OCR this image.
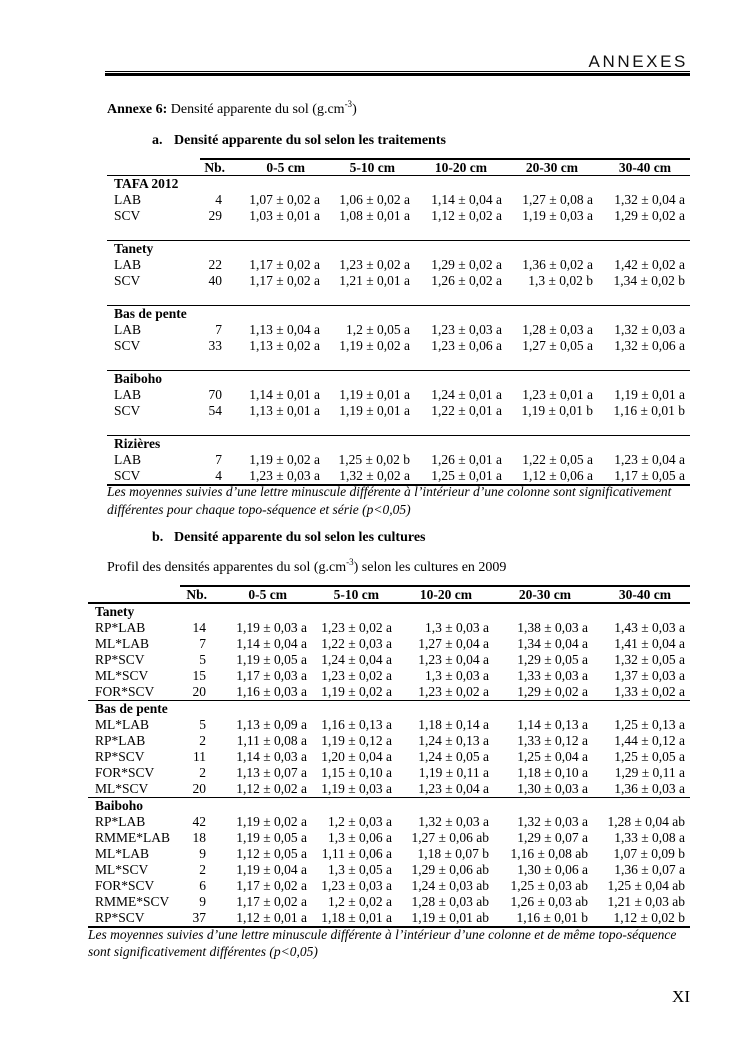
ANNEXES
Annexe 6: Densité apparente du sol $(g.cm^{-3})$
a. Densité apparente du sol selon les traitements
	Nb.	0-5 cm	5-10 cm	10-20 cm	20-30 cm	30-40 cm
TAFA 2012						
LAB	4	1,07 ± 0,02 a	1,06 ± 0,02 a	1,14 ± 0,04 a	1,27 ± 0,08 a	1,32 ± 0,04 a
SCV	29	1,03 ± 0,01 a	1,08 ± 0,01 a	1,12 ± 0,02 a	1,19 ± 0,03 a	1,29 ± 0,02 a

Tanety						
LAB	22	1,17 ± 0,02 a	1,23 ± 0,02 a	1,29 ± 0,02 a	1,36 ± 0,02 a	1,42 ± 0,02 a
SCV	40	1,17 ± 0,02 a	1,21 ± 0,01 a	1,26 ± 0,02 a	1,3 ± 0,02 b	1,34 ± 0,02 b

Bas de pente						
LAB	7	1,13 ± 0,04 a	1,2 ± 0,05 a	1,23 ± 0,03 a	1,28 ± 0,03 a	1,32 ± 0,03 a
SCV	33	1,13 ± 0,02 a	1,19 ± 0,02 a	1,23 ± 0,06 a	1,27 ± 0,05 a	1,32 ± 0,06 a

Baiboho						
LAB	70	1,14 ± 0,01 a	1,19 ± 0,01 a	1,24 ± 0,01 a	1,23 ± 0,01 a	1,19 ± 0,01 a
SCV	54	1,13 ± 0,01 a	1,19 ± 0,01 a	1,22 ± 0,01 a	1,19 ± 0,01 b	1,16 ± 0,01 b

Rizières						
LAB	7	1,19 ± 0,02 a	1,25 ± 0,02 b	1,26 ± 0,01 a	1,22 ± 0,05 a	1,23 ± 0,04 a
SCV	4	1,23 ± 0,03 a	1,32 ± 0,02 a	1,25 ± 0,01 a	1,12 ± 0,06 a	1,17 ± 0,05 a
Les moyennes suivies d’une lettre minuscule différente à l’intérieur d’une colonne sont significativement différentes pour chaque topo-séquence et série (p<0,05)
b. Densité apparente du sol selon les cultures
Profil des densités apparentes du sol $(g.cm^{-3})$ selon les cultures en 2009
	Nb.	0-5 cm	5-10 cm	10-20 cm	20-30 cm	30-40 cm
Tanety						
RP*LAB	14	1,19 ± 0,03 a	1,23 ± 0,02 a	1,3 ± 0,03 a	1,38 ± 0,03 a	1,43 ± 0,03 a
ML*LAB	7	1,14 ± 0,04 a	1,22 ± 0,03 a	1,27 ± 0,04 a	1,34 ± 0,04 a	1,41 ± 0,04 a
RP*SCV	5	1,19 ± 0,05 a	1,24 ± 0,04 a	1,23 ± 0,04 a	1,29 ± 0,05 a	1,32 ± 0,05 a
ML*SCV	15	1,17 ± 0,03 a	1,23 ± 0,02 a	1,3 ± 0,03 a	1,33 ± 0,03 a	1,37 ± 0,03 a
FOR*SCV	20	1,16 ± 0,03 a	1,19 ± 0,02 a	1,23 ± 0,02 a	1,29 ± 0,02 a	1,33 ± 0,02 a
Bas de pente						
ML*LAB	5	1,13 ± 0,09 a	1,16 ± 0,13 a	1,18 ± 0,14 a	1,14 ± 0,13 a	1,25 ± 0,13 a
RP*LAB	2	1,11 ± 0,08 a	1,19 ± 0,12 a	1,24 ± 0,13 a	1,33 ± 0,12 a	1,44 ± 0,12 a
RP*SCV	11	1,14 ± 0,03 a	1,20 ± 0,04 a	1,24 ± 0,05 a	1,25 ± 0,04 a	1,25 ± 0,05 a
FOR*SCV	2	1,13 ± 0,07 a	1,15 ± 0,10 a	1,19 ± 0,11 a	1,18 ± 0,10 a	1,29 ± 0,11 a
ML*SCV	20	1,12 ± 0,02 a	1,19 ± 0,03 a	1,23 ± 0,04 a	1,30 ± 0,03 a	1,36 ± 0,03 a
Baiboho						
RP*LAB	42	1,19 ± 0,02 a	1,2 ± 0,03 a	1,32 ± 0,03 a	1,32 ± 0,03 a	1,28 ± 0,04 ab
RMME*LAB	18	1,19 ± 0,05 a	1,3 ± 0,06 a	1,27 ± 0,06 ab	1,29 ± 0,07 a	1,33 ± 0,08 a
ML*LAB	9	1,12 ± 0,05 a	1,11 ± 0,06 a	1,18 ± 0,07 b	1,16 ± 0,08 ab	1,07 ± 0,09 b
ML*SCV	2	1,19 ± 0,04 a	1,3 ± 0,05 a	1,29 ± 0,06 ab	1,30 ± 0,06 a	1,36 ± 0,07 a
FOR*SCV	6	1,17 ± 0,02 a	1,23 ± 0,03 a	1,24 ± 0,03 ab	1,25 ± 0,03 ab	1,25 ± 0,04 ab
RMME*SCV	9	1,17 ± 0,02 a	1,2 ± 0,02 a	1,28 ± 0,03 ab	1,26 ± 0,03 ab	1,21 ± 0,03 ab
RP*SCV	37	1,12 ± 0,01 a	1,18 ± 0,01 a	1,19 ± 0,01 ab	1,16 ± 0,01 b	1,12 ± 0,02 b
Les moyennes suivies d’une lettre minuscule différente à l’intérieur d’une colonne et de même topo-séquence sont significativement différentes (p<0,05)
XI
